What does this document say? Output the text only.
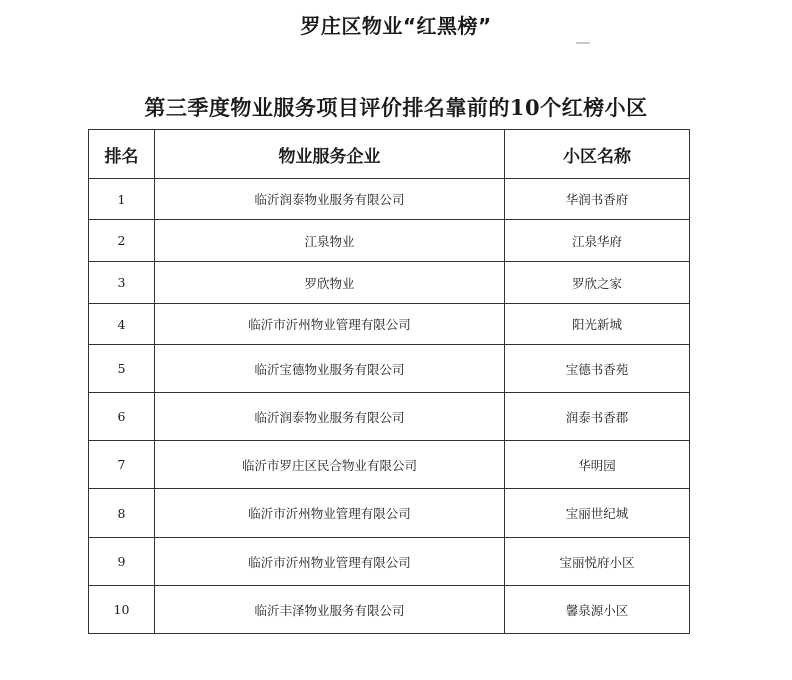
罗庄区物业“红黑榜”
第三季度物业服务项目评价排名靠前的10个红榜小区
排名	物业服务企业	小区名称
1	临沂润泰物业服务有限公司	华润书香府
2	江泉物业	江泉华府
3	罗欣物业	罗欣之家
4	临沂市沂州物业管理有限公司	阳光新城
5	临沂宝德物业服务有限公司	宝德书香苑
6	临沂润泰物业服务有限公司	润泰书香郡
7	临沂市罗庄区民合物业有限公司	华明园
8	临沂市沂州物业管理有限公司	宝丽世纪城
9	临沂市沂州物业管理有限公司	宝丽悦府小区
10	临沂丰泽物业服务有限公司	馨泉源小区
